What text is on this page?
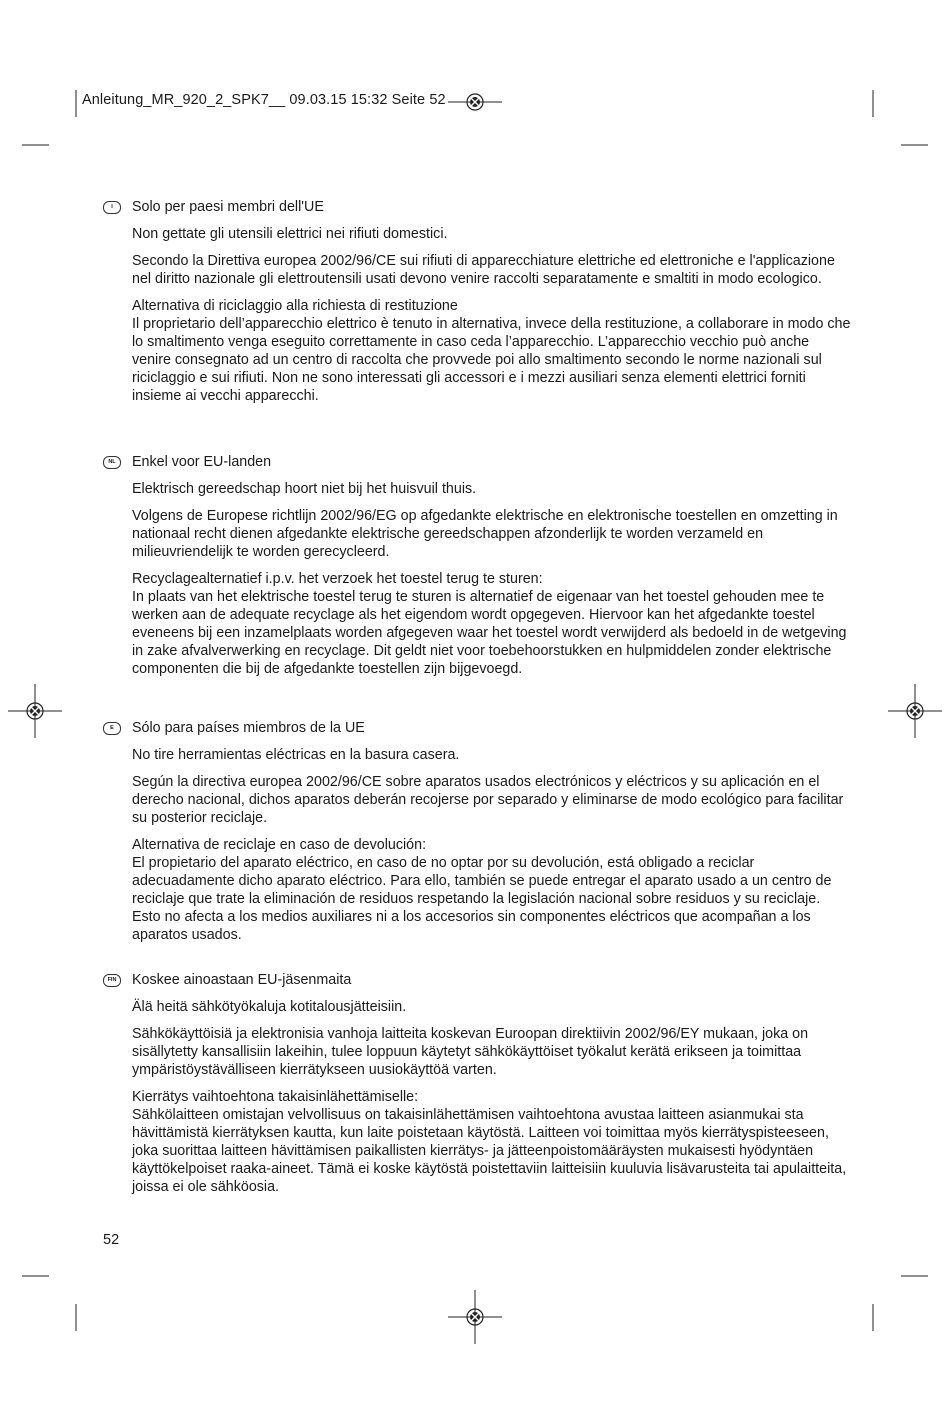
Anleitung_MR_920_2_SPK7__ 09.03.15 15:32 Seite 52
I	Solo per paesi membri dell'UE

Non gettate gli utensili elettrici nei rifiuti domestici.

Secondo la Direttiva europea 2002/96/CE sui rifiuti di apparecchiature elettriche ed elettroniche e l'applicazione nel diritto nazionale gli elettroutensili usati devono venire raccolti separatamente e smaltiti in modo ecologico.

Alternativa di riciclaggio alla richiesta di restituzione

Il proprietario dell’apparecchio elettrico è tenuto in alternativa, invece della restituzione, a collaborare in modo che lo smaltimento venga eseguito correttamente in caso ceda l’apparecchio. L’apparecchio vecchio può anche venire consegnato ad un centro di raccolta che provvede poi allo smaltimento secondo le norme nazionali sul riciclaggio e sui rifiuti. Non ne sono interessati gli accessori e i mezzi ausiliari senza elementi elettrici forniti insieme ai vecchi apparecchi.

NL	Enkel voor EU-landen

Elektrisch gereedschap hoort niet bij het huisvuil thuis.

Volgens de Europese richtlijn 2002/96/EG op afgedankte elektrische en elektronische toestellen en omzetting in nationaal recht dienen afgedankte elektrische gereedschappen afzonderlijk te worden verzameld en milieuvriendelijk te worden gerecycleerd.

Recyclagealternatief i.p.v. het verzoek het toestel terug te sturen:

In plaats van het elektrische toestel terug te sturen is alternatief de eigenaar van het toestel gehouden mee te werken aan de adequate recyclage als het eigendom wordt opgegeven. Hiervoor kan het afgedankte toestel eveneens bij een inzamelplaats worden afgegeven waar het toestel wordt verwijderd als bedoeld in de wetgeving in zake afvalverwerking en recyclage. Dit geldt niet voor toebehoorstukken en hulpmiddelen zonder elektrische componenten die bij de afgedankte toestellen zijn bijgevoegd.

E	Sólo para países miembros de la UE

No tire herramientas eléctricas en la basura casera.

Según la directiva europea 2002/96/CE sobre aparatos usados electrónicos y eléctricos y su aplicación en el derecho nacional, dichos aparatos deberán recojerse por separado y eliminarse de modo ecológico para facilitar su posterior reciclaje.

Alternativa de reciclaje en caso de devolución:

El propietario del aparato eléctrico, en caso de no optar por su devolución, está obligado a reciclar adecuadamente dicho aparato eléctrico. Para ello, también se puede entregar el aparato usado a un centro de reciclaje que trate la eliminación de residuos respetando la legislación nacional sobre residuos y su reciclaje. Esto no afecta a los medios auxiliares ni a los accesorios sin componentes eléctricos que acompañan a los aparatos usados.

FIN	Koskee ainoastaan EU-jäsenmaita

Älä heitä sähkötyökaluja kotitalousjätteisiin.

Sähkökäyttöisiä ja elektronisia vanhoja laitteita koskevan Euroopan direktiivin 2002/96/EY mukaan, joka on sisällytetty kansallisiin lakeihin, tulee loppuun käytetyt sähkökäyttöiset työkalut kerätä erikseen ja toimittaa ympäristöystävälliseen kierrätykseen uusiokäyttöä varten.

Kierrätys vaihtoehtona takaisinlähettämiselle:

Sähkölaitteen omistajan velvollisuus on takaisinlähettämisen vaihtoehtona avustaa laitteen asianmukai sta     hävittämistä kierrätyksen kautta, kun laite poistetaan käytöstä. Laitteen voi toimittaa myös kierrätyspisteeseen, joka suorittaa laitteen hävittämisen paikallisten kierrätys- ja jätteenpoistomääräysten mukaisesti hyödyntäen käyttökelpoiset raaka-aineet. Tämä ei koske käytöstä poistettaviin laitteisiin kuuluvia lisävarusteita tai apulaitteita, joissa ei ole sähköosia.

52
